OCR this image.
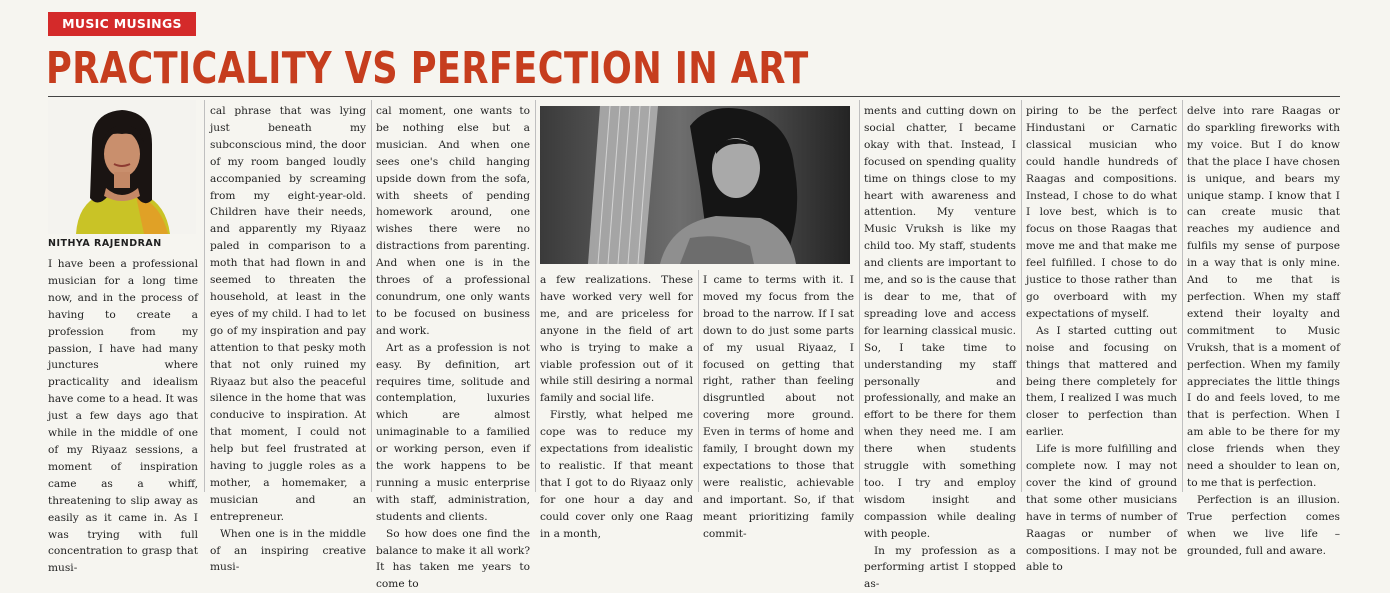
MUSIC MUSINGS
PRACTICALITY VS PERFECTION IN ART
NITHYA RAJENDRAN

I have been a professional musician for a long time now, and in the process of having to create a profession from my passion, I have had many junctures where practicality and idealism have come to a head. It was just a few days ago that while in the middle of one of my Riyaaz sessions, a moment of inspiration came as a whiff, threatening to slip away as easily as it came in. As I was trying with full concentration to grasp that musi-

cal phrase that was lying just beneath my subconscious mind, the door of my room banged loudly accompanied by screaming from my eight-year-old. Children have their needs, and apparently my Riyaaz paled in comparison to a moth that had flown in and seemed to threaten the household, at least in the eyes of my child. I had to let go of my inspiration and pay attention to that pesky moth that not only ruined my Riyaaz but also the peaceful silence in the home that was conducive to inspiration. At that moment, I could not help but feel frustrated at having to juggle roles as a mother, a homemaker, a musician and an entrepreneur.

When one is in the middle of an inspiring creative musi-

cal moment, one wants to be nothing else but a musician. And when one sees one's child hanging upside down from the sofa, with sheets of pending homework around, one wishes there were no distractions from parenting. And when one is in the throes of a professional conundrum, one only wants to be focused on business and work.

Art as a profession is not easy. By definition, art requires time, solitude and contemplation, luxuries which are almost unimaginable to a familied or working person, even if the work happens to be running a music enterprise with staff, administration, students and clients.

So how does one find the balance to make it all work? It has taken me years to come to

a few realizations. These have worked very well for me, and are priceless for anyone in the field of art who is trying to make a viable profession out of it while still desiring a normal family and social life.

Firstly, what helped me cope was to reduce my expectations from idealistic to realistic. If that meant that I got to do Riyaaz only for one hour a day and could cover only one Raag in a month,

I came to terms with it. I moved my focus from the broad to the narrow. If I sat down to do just some parts of my usual Riyaaz, I focused on getting that right, rather than feeling disgruntled about not covering more ground. Even in terms of home and family, I brought down my expectations to those that were realistic, achievable and important. So, if that meant prioritizing family commit-

ments and cutting down on social chatter, I became okay with that. Instead, I focused on spending quality time on things close to my heart with awareness and attention. My venture Music Vruksh is like my child too. My staff, students and clients are important to me, and so is the cause that is dear to me, that of spreading love and access for learning classical music. So, I take time to understanding my staff personally and professionally, and make an effort to be there for them when they need me. I am there when students struggle with something too. I try and employ wisdom insight and compassion while dealing with people.

In my profession as a performing artist I stopped as-

piring to be the perfect Hindustani or Carnatic classical musician who could handle hundreds of Raagas and compositions. Instead, I chose to do what I love best, which is to focus on those Raagas that move me and that make me feel fulfilled. I chose to do justice to those rather than go overboard with my expectations of myself.

As I started cutting out noise and focusing on things that mattered and being there completely for them, I realized I was much closer to perfection than earlier.

Life is more fulfilling and complete now. I may not cover the kind of ground that some other musicians have in terms of number of Raagas or number of compositions. I may not be able to

delve into rare Raagas or do sparkling fireworks with my voice. But I do know that the place I have chosen is unique, and bears my unique stamp. I know that I can create music that reaches my audience and fulfils my sense of purpose in a way that is only mine. And to me that is perfection. When my staff extend their loyalty and commitment to Music Vruksh, that is a moment of perfection. When my family appreciates the little things I do and feels loved, to me that is perfection. When I am able to be there for my close friends when they need a shoulder to lean on, to me that is perfection.

Perfection is an illusion. True perfection comes when we live life – grounded, full and aware.
